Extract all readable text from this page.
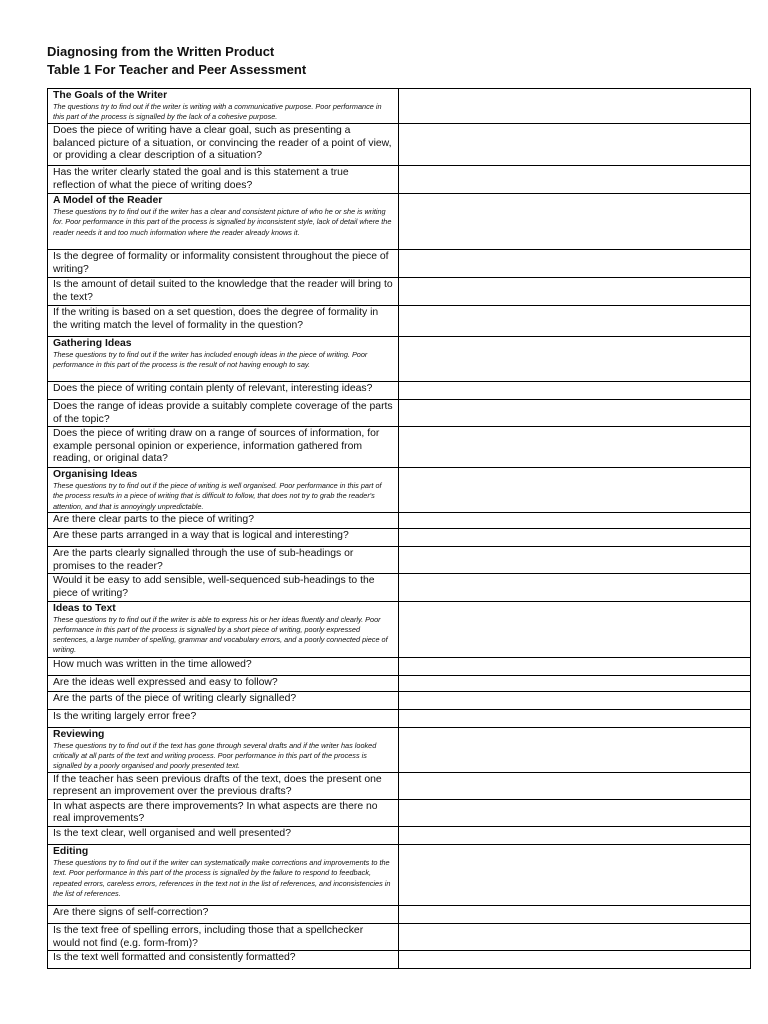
Diagnosing from the Written Product
Table 1 For Teacher and Peer Assessment
The Goals of the Writer
The questions try to find out if the writer is writing with a communicative purpose. Poor performance in this part of the process is signalled by the lack of a cohesive purpose.	

Does the piece of writing have a clear goal, such as presenting a balanced picture of a situation, or convincing the reader of a point of view, or providing a clear description of a situation?	

Has the writer clearly stated the goal and is this statement a true reflection of what the piece of writing does?	

A Model of the Reader
These questions try to find out if the writer has a clear and consistent picture of who he or she is writing for. Poor performance in this part of the process is signalled by inconsistent style, lack of detail where the reader needs it and too much information where the reader already knows it.	

Is the degree of formality or informality consistent throughout the piece of writing?	

Is the amount of detail suited to the knowledge that the reader will bring to the text?	

If the writing is based on a set question, does the degree of formality in the writing match the level of formality in the question?	

Gathering Ideas
These questions try to find out if the writer has included enough ideas in the piece of writing. Poor performance in this part of the process is the result of not having enough to say.	

Does the piece of writing contain plenty of relevant, interesting ideas?	

Does the range of ideas provide a suitably complete coverage of the parts of the topic?	

Does the piece of writing draw on a range of sources of information, for example personal opinion or experience, information gathered from reading, or original data?	

Organising Ideas
These questions try to find out if the piece of writing is well organised. Poor performance in this part of the process results in a piece of writing that is difficult to follow, that does not try to grab the reader's attention, and that is annoyingly unpredictable.	

Are there clear parts to the piece of writing?	

Are these parts arranged in a way that is logical and interesting?	

Are the parts clearly signalled through the use of sub-headings or promises to the reader?	

Would it be easy to add sensible, well-sequenced sub-headings to the piece of writing?	

Ideas to Text
These questions try to find out if the writer is able to express his or her ideas fluently and clearly. Poor performance in this part of the process is signalled by a short piece of writing, poorly expressed sentences, a large number of spelling, grammar and vocabulary errors, and a poorly connected piece of writing.	

How much was written in the time allowed?	

Are the ideas well expressed and easy to follow?	

Are the parts of the piece of writing clearly signalled?	

Is the writing largely error free?	

Reviewing
These questions try to find out if the text has gone through several drafts and if the writer has looked critically at all parts of the text and writing process. Poor performance in this part of the process is signalled by a poorly organised and poorly presented text.	

If the teacher has seen previous drafts of the text, does the present one represent an improvement over the previous drafts?	

In what aspects are there improvements? In what aspects are there no real improvements?	

Is the text clear, well organised and well presented?	

Editing
These questions try to find out if the writer can systematically make corrections and improvements to the text. Poor performance in this part of the process is signalled by the failure to respond to feedback, repeated errors, careless errors, references in the text not in the list of references, and inconsistencies in the list of references.	

Are there signs of self-correction?	

Is the text free of spelling errors, including those that a spellchecker would not find (e.g. form-from)?	

Is the text well formatted and consistently formatted?	
